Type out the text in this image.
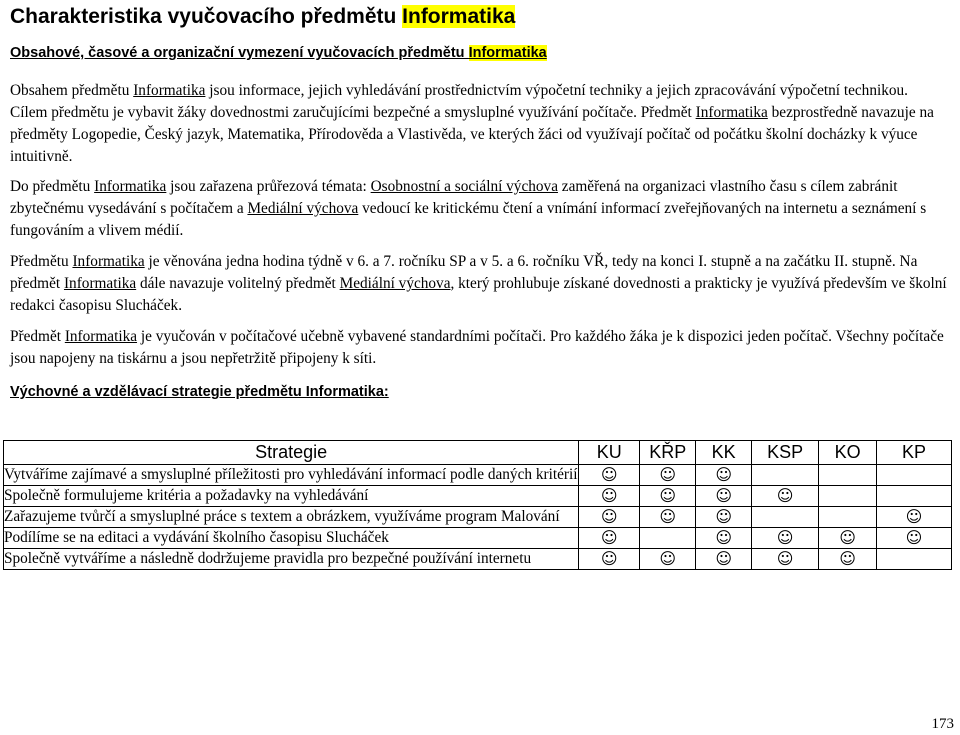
Charakteristika vyučovacího předmětu Informatika
Obsahové, časové a organizační vymezení vyučovacích předmětu Informatika

Obsahem předmětu Informatika jsou informace, jejich vyhledávání prostřednictvím výpočetní techniky a jejich zpracovávání výpočetní technikou. Cílem předmětu je vybavit žáky dovednostmi zaručujícími bezpečné a smysluplné využívání počítače. Předmět Informatika bezprostředně navazuje na předměty Logopedie, Český jazyk, Matematika, Přírodověda a Vlastivěda, ve kterých žáci od využívají počítač od počátku školní docházky k výuce intuitivně.

Do předmětu Informatika jsou zařazena průřezová témata: Osobnostní a sociální výchova zaměřená na organizaci vlastního času s cílem zabránit zbytečnému vysedávání s počítačem a Mediální výchova vedoucí ke kritickému čtení a vnímání informací zveřejňovaných na internetu a seznámení s fungováním a vlivem médií.

Předmětu Informatika je věnována jedna hodina týdně v 6. a 7. ročníku SP a v 5. a 6. ročníku VŘ, tedy na konci I. stupně a na začátku II. stupně. Na předmět Informatika dále navazuje volitelný předmět Mediální výchova, který prohlubuje získané dovednosti a prakticky je využívá především ve školní redakci časopisu Slucháček.

Předmět Informatika je vyučován v počítačové učebně vybavené standardními počítači. Pro každého žáka je k dispozici jeden počítač. Všechny počítače jsou napojeny na tiskárnu a jsou nepřetržitě připojeny k síti.

Výchovné a vzdělávací strategie předmětu Informatika:
Strategie	KU	KŘP	KK	KSP	KO	KP
Vytváříme zajímavé a smysluplné příležitosti pro vyhledávání informací podle daných kritérií	☺	☺	☺			
Společně formulujeme kritéria a požadavky na vyhledávání	☺	☺	☺	☺		
Zařazujeme tvůrčí a smysluplné práce s textem a obrázkem, využíváme program Malování	☺	☺	☺			☺
Podílíme se na editaci a vydávání školního časopisu Slucháček	☺		☺	☺	☺	☺
Společně vytváříme a následně dodržujeme pravidla pro bezpečné používání internetu	☺	☺	☺	☺	☺	
173
